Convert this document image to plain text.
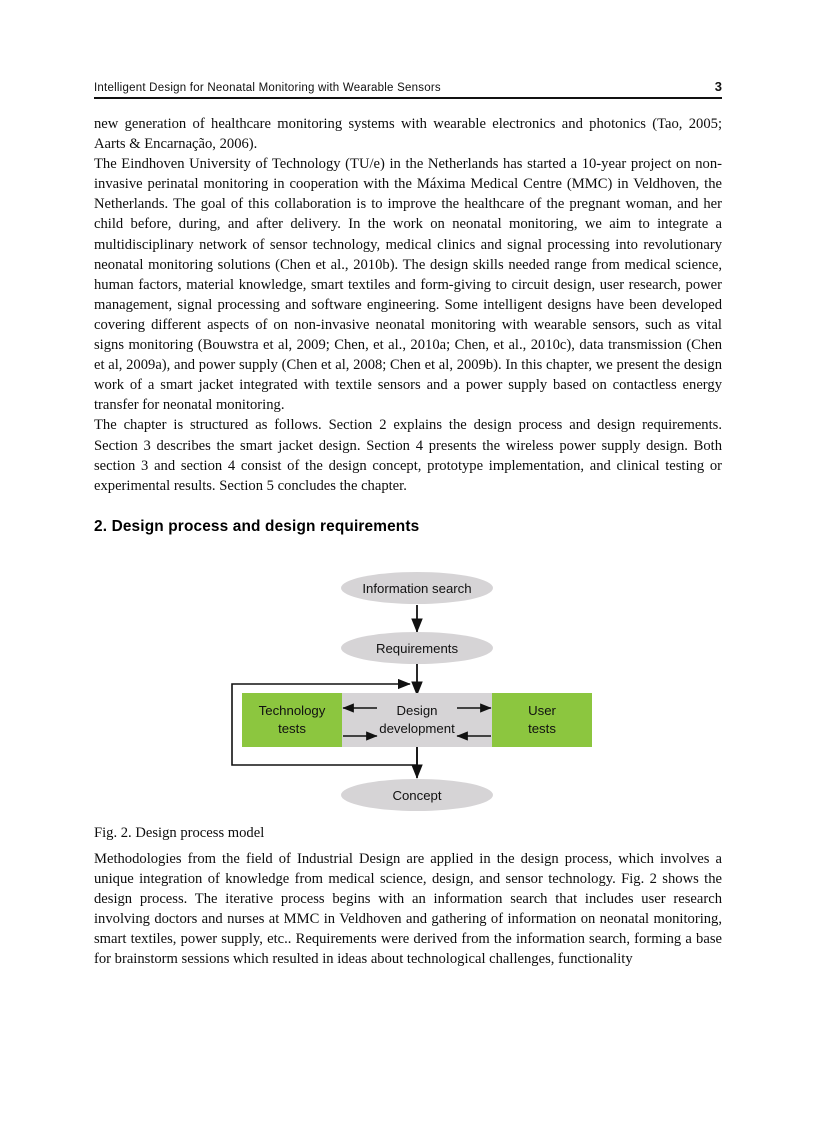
Intelligent Design for Neonatal Monitoring with Wearable Sensors	3

new generation of healthcare monitoring systems with wearable electronics and photonics (Tao, 2005; Aarts & Encarnação, 2006).

The Eindhoven University of Technology (TU/e) in the Netherlands has started a 10-year project on non-invasive perinatal monitoring in cooperation with the Máxima Medical Centre (MMC) in Veldhoven, the Netherlands. The goal of this collaboration is to improve the healthcare of the pregnant woman, and her child before, during, and after delivery. In the work on neonatal monitoring, we aim to integrate a multidisciplinary network of sensor technology, medical clinics and signal processing into revolutionary neonatal monitoring solutions (Chen et al., 2010b). The design skills needed range from medical science, human factors, material knowledge, smart textiles and form-giving to circuit design, user research, power management, signal processing and software engineering. Some intelligent designs have been developed covering different aspects of on non-invasive neonatal monitoring with wearable sensors, such as vital signs monitoring (Bouwstra et al, 2009; Chen, et al., 2010a; Chen, et al., 2010c), data transmission (Chen et al, 2009a), and power supply (Chen et al, 2008; Chen et al, 2009b). In this chapter, we present the design work of a smart jacket integrated with textile sensors and a power supply based on contactless energy transfer for neonatal monitoring.

The chapter is structured as follows. Section 2 explains the design process and design requirements. Section 3 describes the smart jacket design. Section 4 presents the wireless power supply design. Both section 3 and section 4 consist of the design concept, prototype implementation, and clinical testing or experimental results. Section 5 concludes the chapter.

2. Design process and design requirements
Information search
Requirements
Technology
tests
Design
development
User
tests
Concept
Fig. 2. Design process model

Methodologies from the field of Industrial Design are applied in the design process, which involves a unique integration of knowledge from medical science, design, and sensor technology. Fig. 2 shows the design process. The iterative process begins with an information search that includes user research involving doctors and nurses at MMC in Veldhoven and gathering of information on neonatal monitoring, smart textiles, power supply, etc.. Requirements were derived from the information search, forming a base for brainstorm sessions which resulted in ideas about technological challenges, functionality
